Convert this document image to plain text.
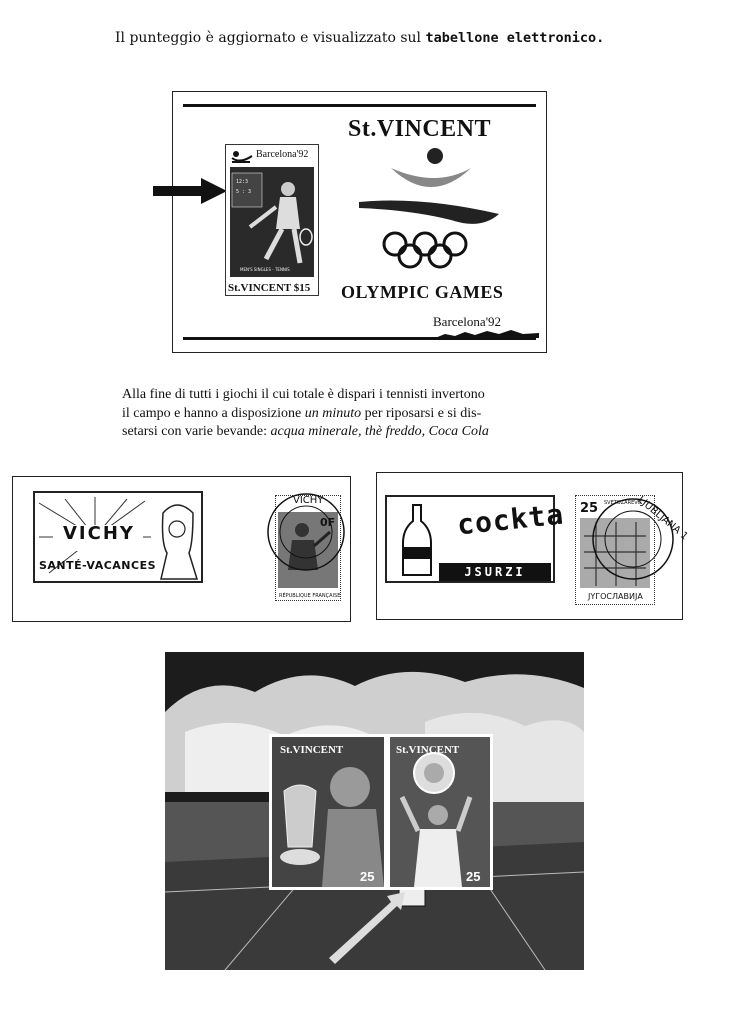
Il punteggio è aggiornato e visualizzato sul tabellone elettronico.
Barcelona'92
12:3
5 : 3
MEN'S SINGLES - TENNIS
St.VINCENT $15
St.VINCENT
OLYMPIC GAMES
Barcelona'92
Alla fine di tutti i giochi il cui totale è dispari i tennisti invertono
il campo e hanno a disposizione un minuto per riposarsi e si dis-
setarsi con varie bevande: acqua minerale, thè freddo, Coca Cola
VICHY
SANTÉ-VACANCES
0F
RÉPUBLIQUE FRANÇAISE
VICHY	cockta
JSURZI
25 SVETOZAREVO
JYГОСЛАВИЈА
LJUBLJANA 1
St.VINCENT
25
St.VINCENT
25
